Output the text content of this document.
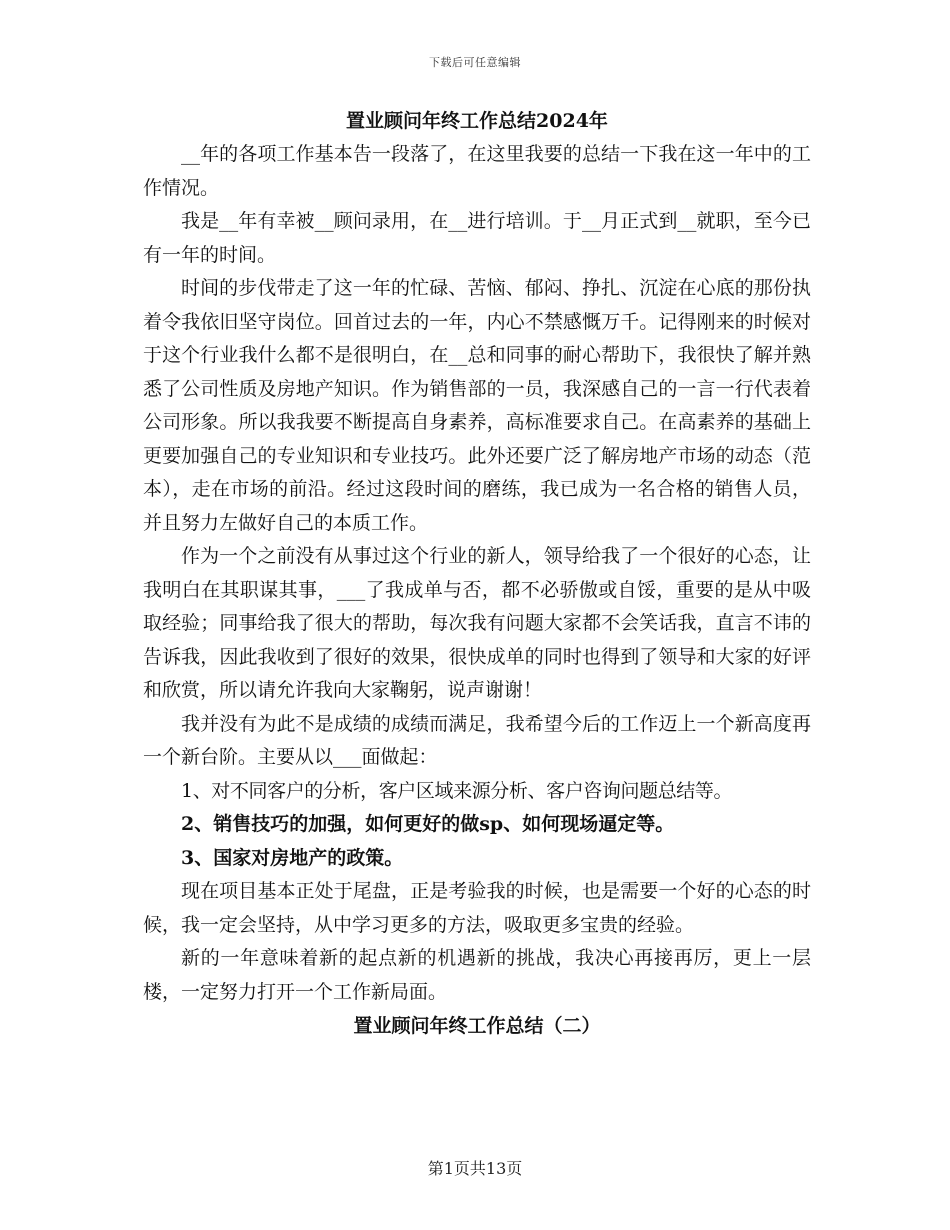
下载后可任意编辑
置业顾问年终工作总结2024年

__年的各项工作基本告一段落了，在这里我要的总结一下我在这一年中的工作情况。

我是__年有幸被__顾问录用，在__进行培训。于__月正式到__就职，至今已有一年的时间。

时间的步伐带走了这一年的忙碌、苦恼、郁闷、挣扎、沉淀在心底的那份执着令我依旧坚守岗位。回首过去的一年，内心不禁感慨万千。记得刚来的时候对于这个行业我什么都不是很明白，在__总和同事的耐心帮助下，我很快了解并熟悉了公司性质及房地产知识。作为销售部的一员，我深感自己的一言一行代表着公司形象。所以我我要不断提高自身素养，高标准要求自己。在高素养的基础上更要加强自己的专业知识和专业技巧。此外还要广泛了解房地产市场的动态（范本），走在市场的前沿。经过这段时间的磨练，我已成为一名合格的销售人员，并且努力左做好自己的本质工作。

作为一个之前没有从事过这个行业的新人，领导给我了一个很好的心态，让我明白在其职谋其事，___了我成单与否，都不必骄傲或自馁，重要的是从中吸取经验；同事给我了很大的帮助，每次我有问题大家都不会笑话我，直言不讳的告诉我，因此我收到了很好的效果，很快成单的同时也得到了领导和大家的好评和欣赏，所以请允许我向大家鞠躬，说声谢谢！

我并没有为此不是成绩的成绩而满足，我希望今后的工作迈上一个新高度再一个新台阶。主要从以___面做起：

1、对不同客户的分析，客户区域来源分析、客户咨询问题总结等。

2、销售技巧的加强，如何更好的做sp、如何现场逼定等。

3、国家对房地产的政策。

现在项目基本正处于尾盘，正是考验我的时候，也是需要一个好的心态的时候，我一定会坚持，从中学习更多的方法，吸取更多宝贵的经验。

新的一年意味着新的起点新的机遇新的挑战，我决心再接再厉，更上一层楼，一定努力打开一个工作新局面。

置业顾问年终工作总结（二）
第1页共13页
